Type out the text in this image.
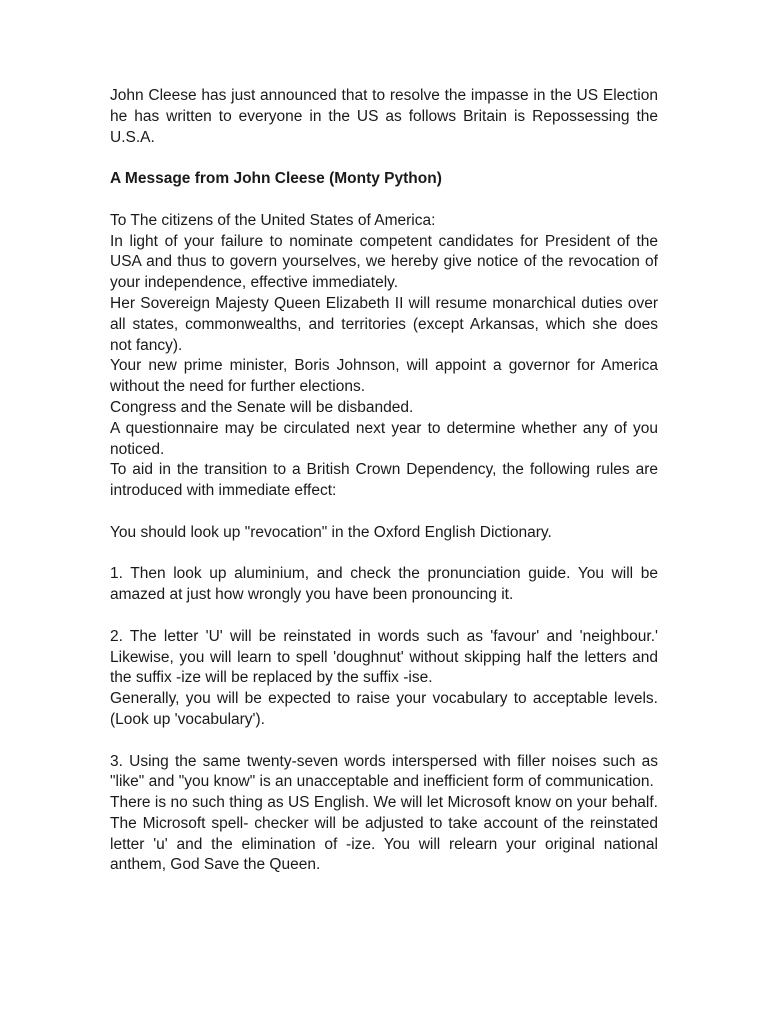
John Cleese has just announced that to resolve the impasse in the US Election he has written to everyone in the US as follows Britain is Repossessing the U.S.A.

A Message from John Cleese (Monty Python)

To The citizens of the United States of America:

In light of your failure to nominate competent candidates for President of the USA and thus to govern yourselves, we hereby give notice of the revocation of your independence, effective immediately.

Her Sovereign Majesty Queen Elizabeth II will resume monarchical duties over all states, commonwealths, and territories (except Arkansas, which she does not fancy).

Your new prime minister, Boris Johnson, will appoint a governor for America without the need for further elections.

Congress and the Senate will be disbanded.

A questionnaire may be circulated next year to determine whether any of you noticed.

To aid in the transition to a British Crown Dependency, the following rules are introduced with immediate effect:

You should look up "revocation" in the Oxford English Dictionary.

1. Then look up aluminium, and check the pronunciation guide. You will be amazed at just how wrongly you have been pronouncing it.

2. The letter 'U' will be reinstated in words such as 'favour' and 'neighbour.' Likewise, you will learn to spell 'doughnut' without skipping half the letters and the suffix -ize will be replaced by the suffix -ise.

Generally, you will be expected to raise your vocabulary to acceptable levels. (Look up 'vocabulary').

3. Using the same twenty-seven words interspersed with filler noises such as "like" and "you know" is an unacceptable and inefficient form of communication.

There is no such thing as US English. We will let Microsoft know on your behalf. The Microsoft spell- checker will be adjusted to take account of the reinstated letter 'u' and the elimination of -ize. You will relearn your original national anthem, God Save the Queen.
